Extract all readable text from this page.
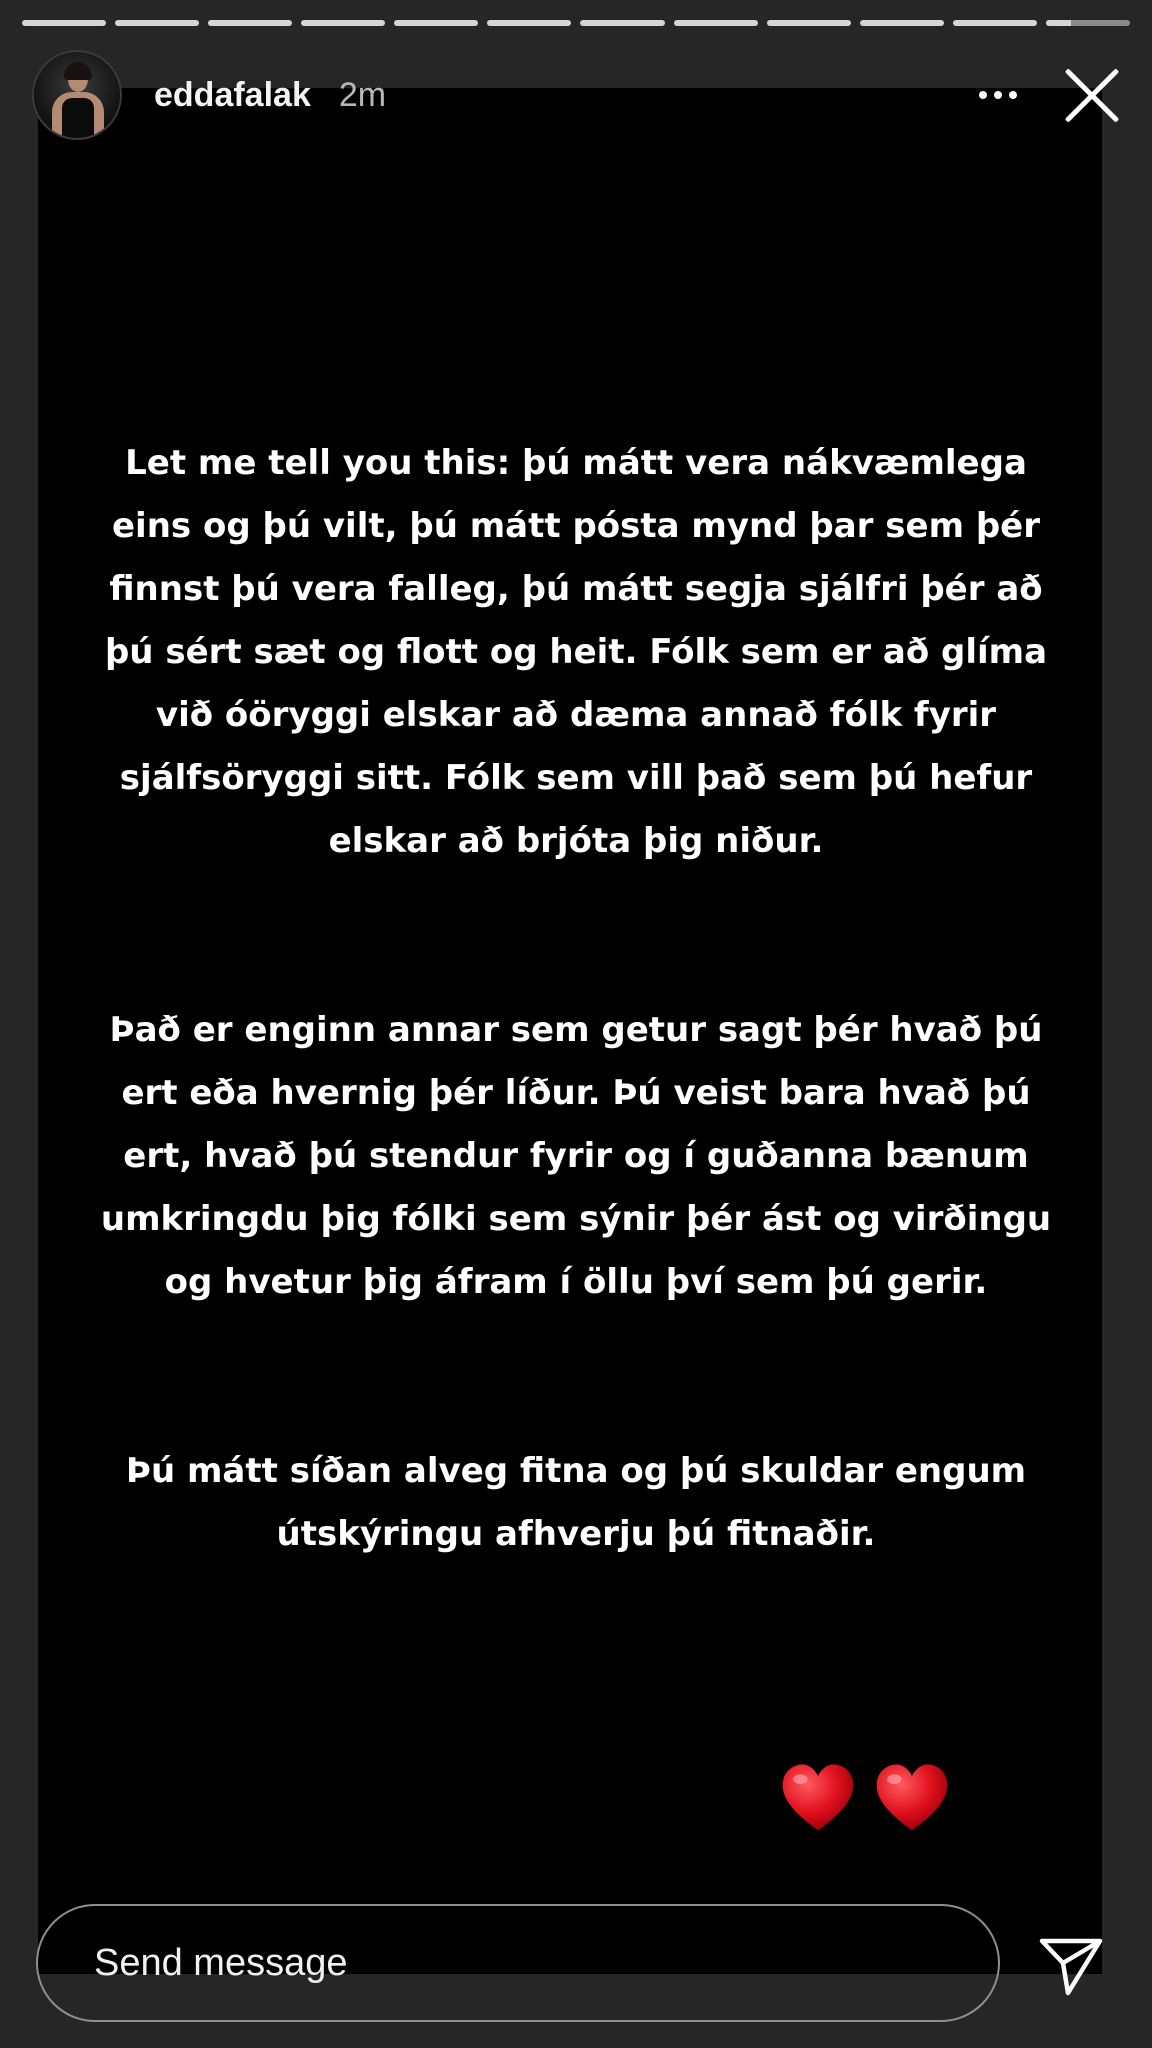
eddafalak 2m

Let me tell you this: þú mátt vera nákvæmlega eins og þú vilt, þú mátt pósta mynd þar sem þér finnst þú vera falleg, þú mátt segja sjálfri þér að þú sért sæt og flott og heit. Fólk sem er að glíma við óöryggi elskar að dæma annað fólk fyrir sjálfsöryggi sitt. Fólk sem vill það sem þú hefur elskar að brjóta þig niður.

Það er enginn annar sem getur sagt þér hvað þú ert eða hvernig þér líður. Þú veist bara hvað þú ert, hvað þú stendur fyrir og í guðanna bænum umkringdu þig fólki sem sýnir þér ást og virðingu og hvetur þig áfram í öllu því sem þú gerir.

Þú mátt síðan alveg fitna og þú skuldar engum útskýringu afhverju þú fitnaðir.

Send message
